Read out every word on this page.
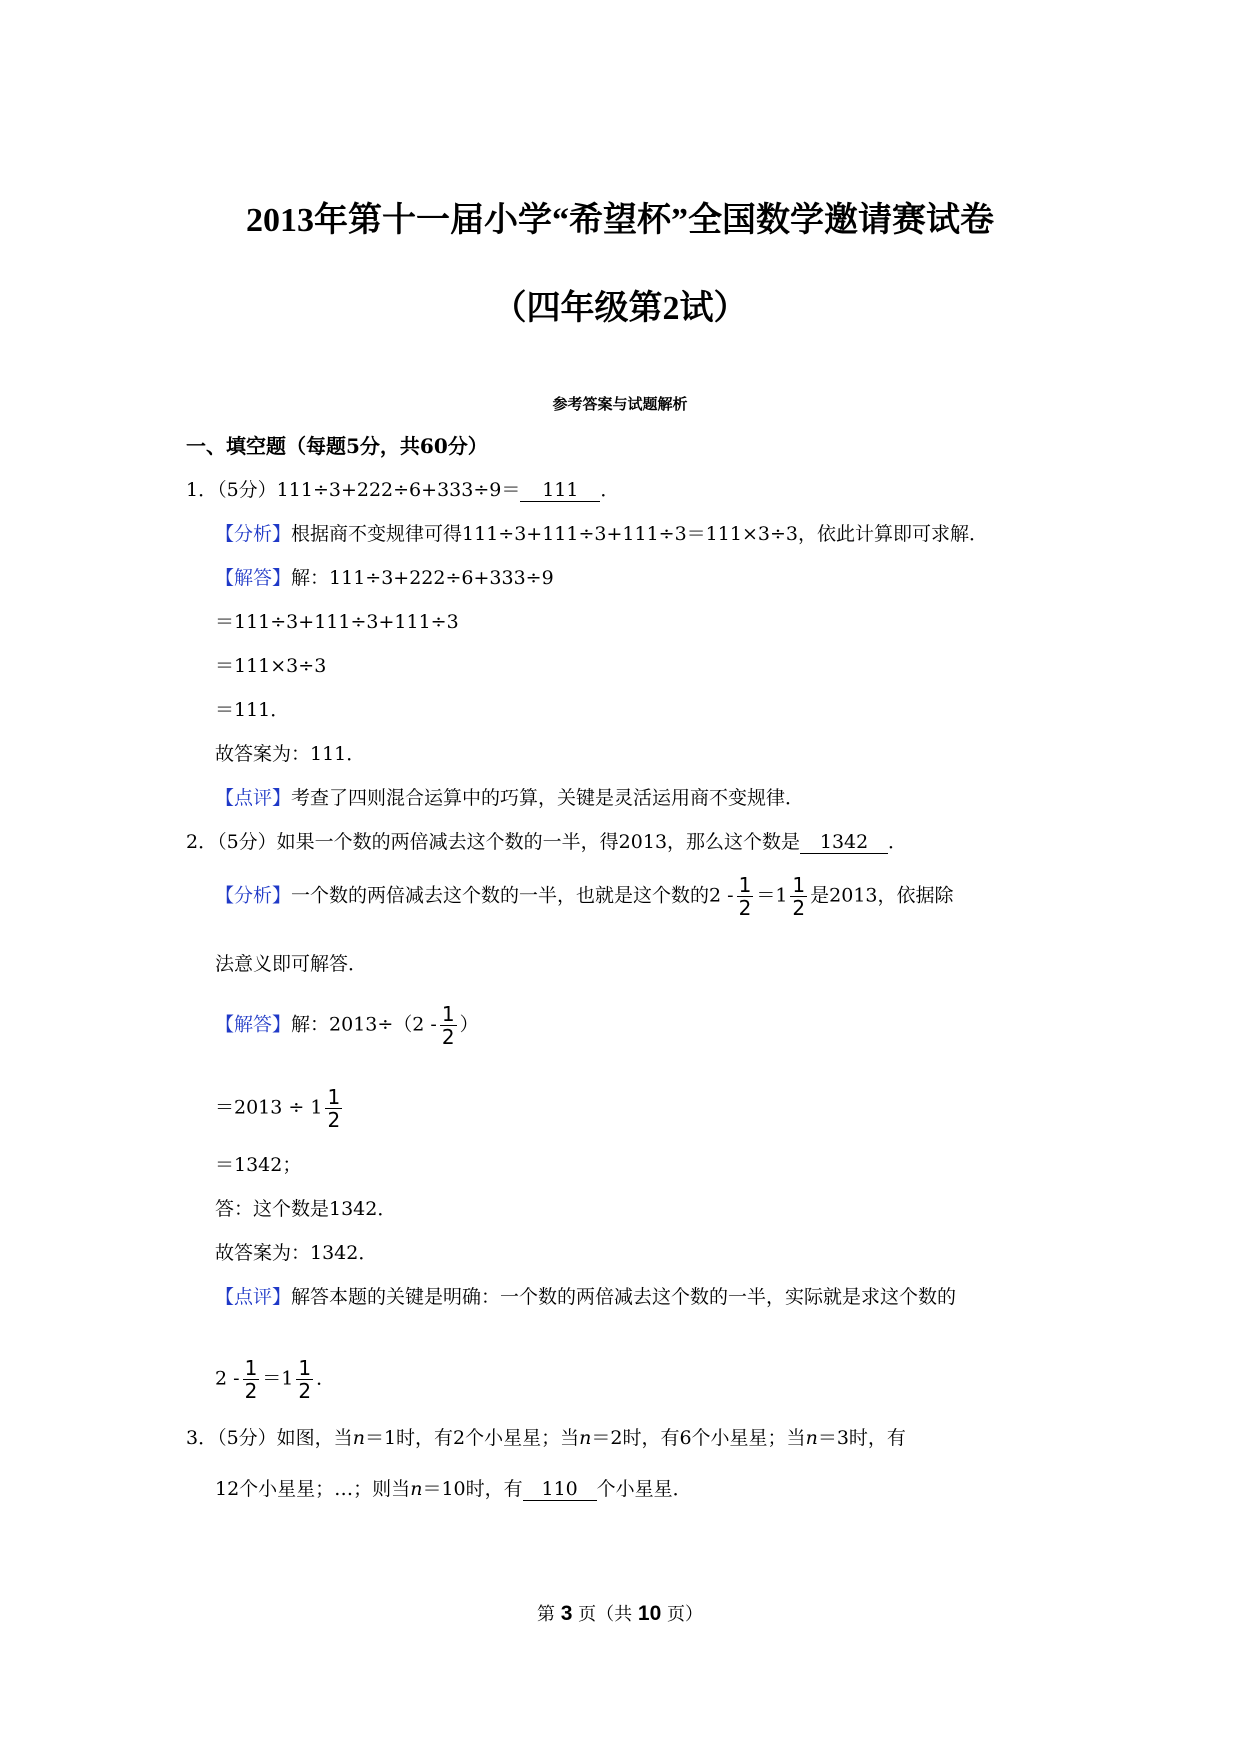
2013年第十一届小学“希望杯”全国数学邀请赛试卷
（四年级第2试）
参考答案与试题解析
一、填空题（每题5分，共60分）
1．（5分）111÷3+222÷6+333÷9＝ 111 ．
【分析】根据商不变规律可得111÷3+111÷3+111÷3＝111×3÷3，依此计算即可求解．
【解答】解：111÷3+222÷6+333÷9
＝111÷3+111÷3+111÷3
＝111×3÷3
＝111．
故答案为：111．
【点评】考查了四则混合运算中的巧算，关键是灵活运用商不变规律．
2．（5分）如果一个数的两倍减去这个数的一半，得2013，那么这个数是 1342 ．
【分析】一个数的两倍减去这个数的一半，也就是这个数的$2 - \frac{1}{2} =1 \frac{1}{2}$ 是2013，依据除
法意义即可解答．
【解答】解：$2013\div(2 - \frac{1}{2}$ ）
$=2013 \div 1 \frac{1}{2}$
＝1342；
答：这个数是1342．
故答案为：1342．
【点评】解答本题的关键是明确：一个数的两倍减去这个数的一半，实际就是求这个数的
$2 - \frac{1}{2} =1 \frac{1}{2}$ ．
3．（5分）如图，当n＝1时，有2个小星星；当n＝2时，有6个小星星；当n＝3时，有
12个小星星；…；则当n＝10时，有 110 个小星星．
第 3 页（共 10 页）
